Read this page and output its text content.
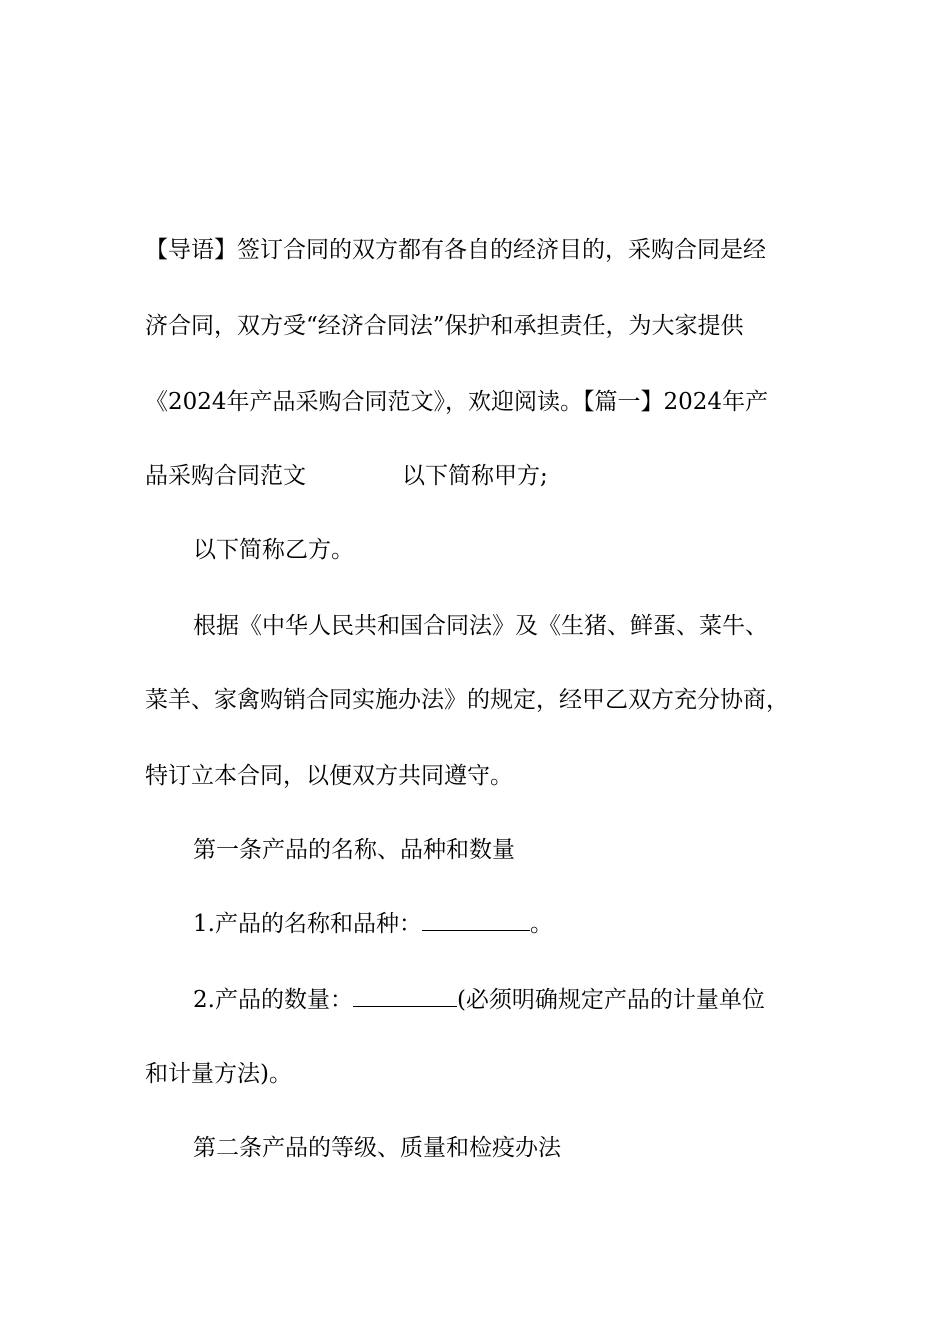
【导语】签订合同的双方都有各自的经济目的，采购合同是经

济合同，双方受“经济合同法”保护和承担责任，为大家提供

《2024年产品采购合同范文》，欢迎阅读。【篇一】2024年产

品采购合同范文	以下简称甲方;

以下简称乙方。

根据《中华人民共和国合同法》及《生猪、鲜蛋、菜牛、

菜羊、家禽购销合同实施办法》的规定，经甲乙双方充分协商，

特订立本合同，以便双方共同遵守。

第一条产品的名称、品种和数量

1.产品的名称和品种：	。

2.产品的数量：	(必须明确规定产品的计量单位

和计量方法)。

第二条产品的等级、质量和检疫办法
